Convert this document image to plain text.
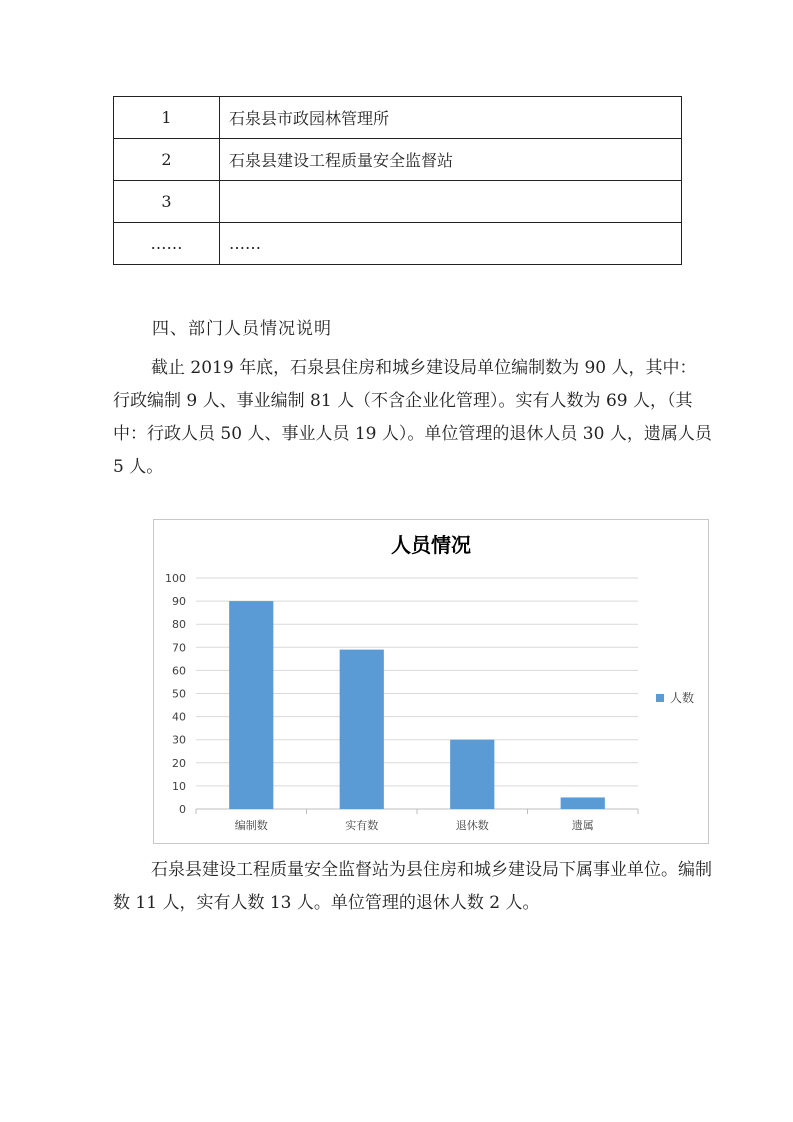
1	石泉县市政园林管理所
2	石泉县建设工程质量安全监督站
3	
……	……
四、部门人员情况说明
截止 2019 年底，石泉县住房和城乡建设局单位编制数为 90 人，其中：行政编制 9 人、事业编制 81 人（不含企业化管理）。实有人数为 69 人，（其中：行政人员 50 人、事业人员 19 人）。单位管理的退休人员 30 人，遗属人员 5 人。
人员情况
0
10
20
30
40
50
60
70
80
90
100
编制数	实有数	退休数	遗属
人数
石泉县建设工程质量安全监督站为县住房和城乡建设局下属事业单位。编制数 11 人，实有人数 13 人。单位管理的退休人数 2 人。
